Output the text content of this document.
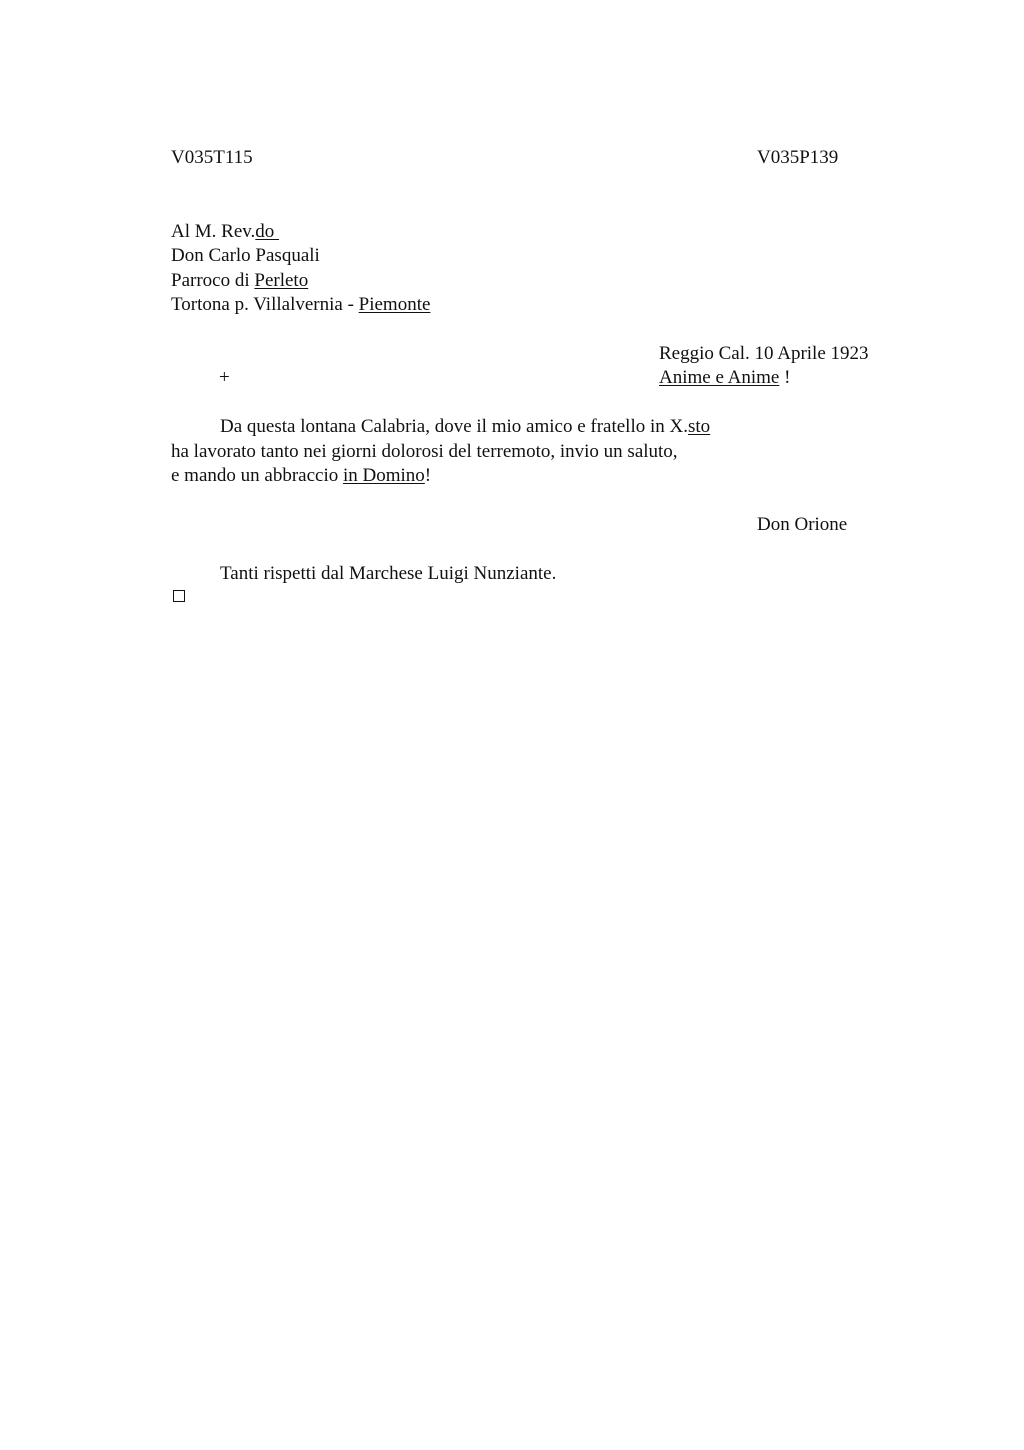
V035T115	V035P139
Al M. Rev.do
Don Carlo Pasquali
Parroco di Perleto
Tortona p. Villalvernia - Piemonte
Reggio Cal. 10 Aprile 1923
Anime e Anime !
+
Da questa lontana Calabria, dove il mio amico e fratello in X.sto
ha lavorato tanto nei giorni dolorosi del terremoto, invio un saluto,
e mando un abbraccio in Domino!
Don Orione
Tanti rispetti dal Marchese Luigi Nunziante.
